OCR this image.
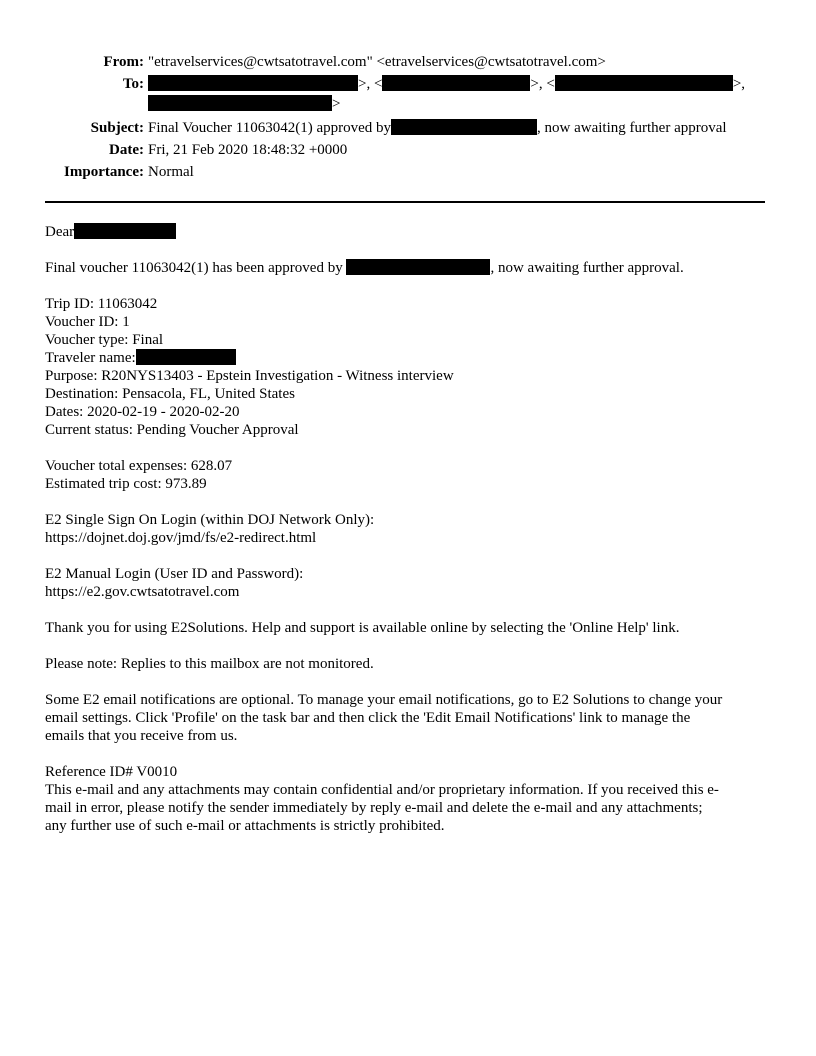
From: "etravelservices@cwtsatotravel.com" <etravelservices@cwtsatotravel.com>
To:	>, <	>, <	>,
>
Subject: Final Voucher 11063042(1) approved by	, now awaiting further approval
Date: Fri, 21 Feb 2020 18:48:32 +0000
Importance: Normal

Dear

Final voucher 11063042(1) has been approved by	, now awaiting further approval.

Trip ID: 11063042
Voucher ID: 1
Voucher type: Final
Traveler name:
Purpose: R20NYS13403 - Epstein Investigation - Witness interview
Destination: Pensacola, FL, United States
Dates: 2020-02-19 - 2020-02-20
Current status: Pending Voucher Approval

Voucher total expenses: 628.07
Estimated trip cost: 973.89

E2 Single Sign On Login (within DOJ Network Only):
https://dojnet.doj.gov/jmd/fs/e2-redirect.html

E2 Manual Login (User ID and Password):
https://e2.gov.cwtsatotravel.com

Thank you for using E2Solutions. Help and support is available online by selecting the 'Online Help' link.

Please note: Replies to this mailbox are not monitored.

Some E2 email notifications are optional. To manage your email notifications, go to E2 Solutions to change your
email settings. Click 'Profile' on the task bar and then click the 'Edit Email Notifications' link to manage the
emails that you receive from us.

Reference ID# V0010
This e-mail and any attachments may contain confidential and/or proprietary information. If you received this e-
mail in error, please notify the sender immediately by reply e-mail and delete the e-mail and any attachments;
any further use of such e-mail or attachments is strictly prohibited.
